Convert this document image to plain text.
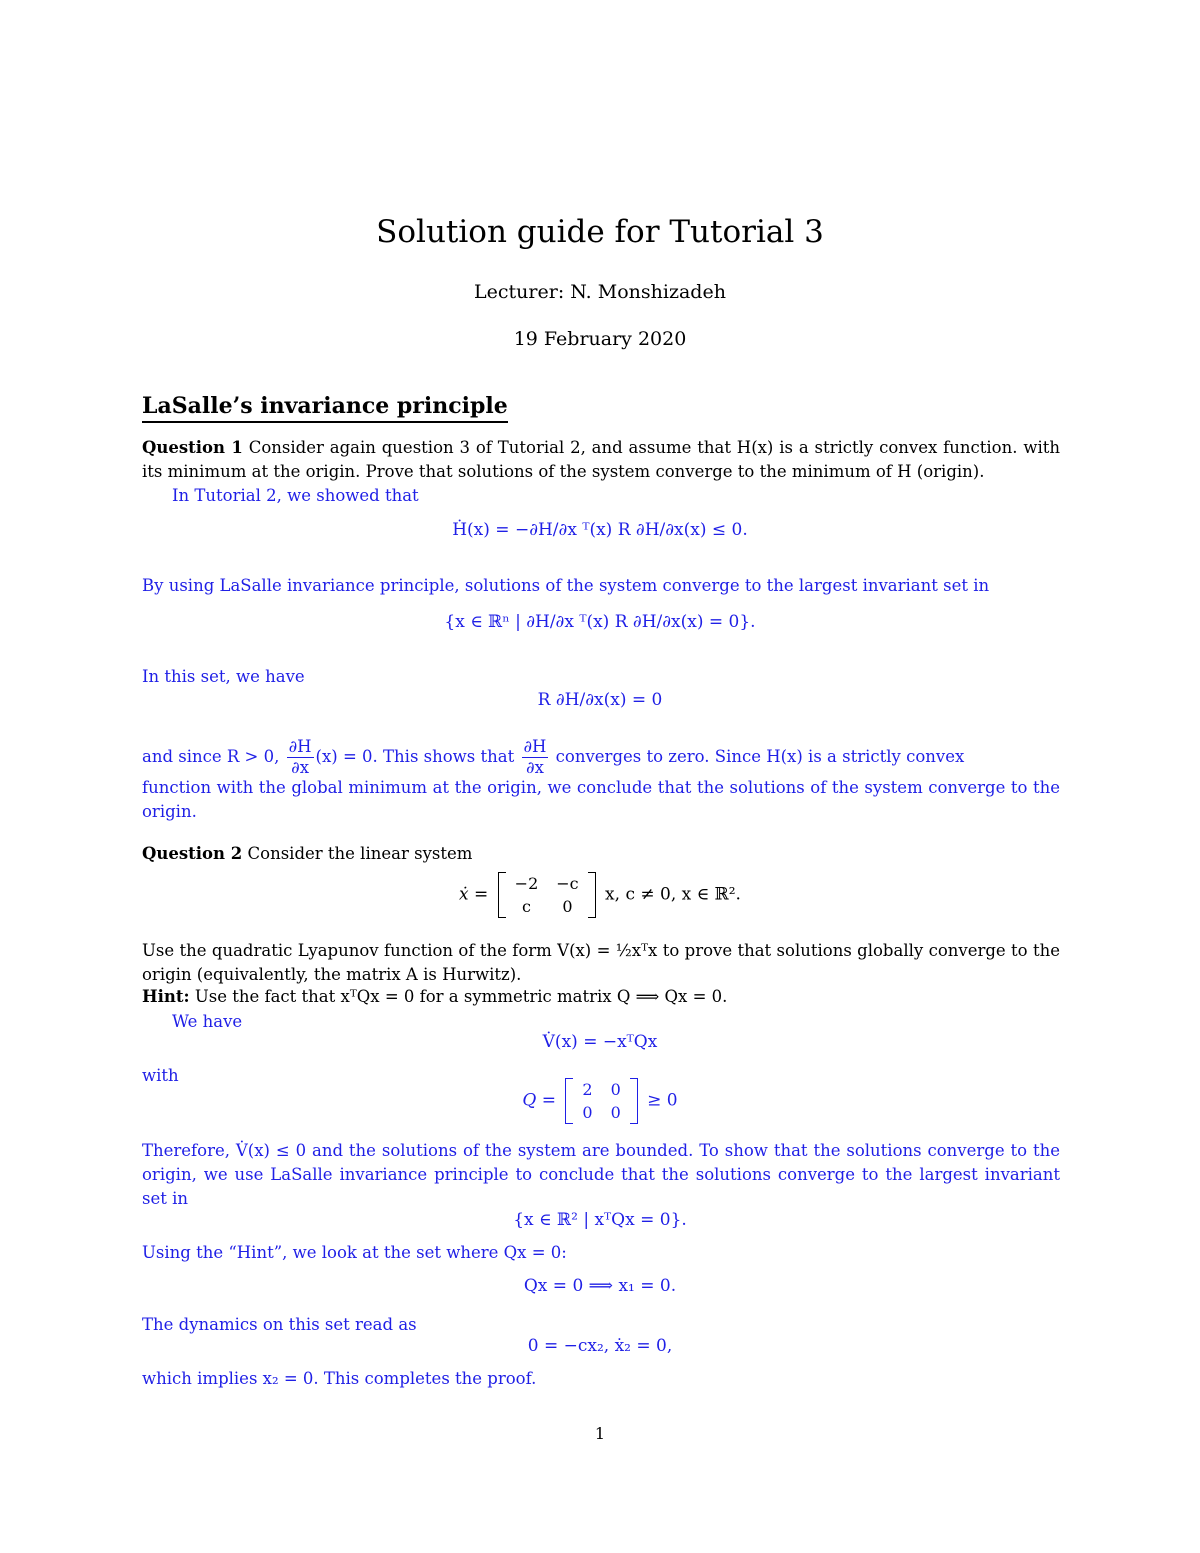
Solution guide for Tutorial 3
Lecturer: N. Monshizadeh
19 February 2020
LaSalle’s invariance principle
Question 1 Consider again question 3 of Tutorial 2, and assume that H(x) is a strictly convex function. with its minimum at the origin. Prove that solutions of the system converge to the minimum of H (origin).
In Tutorial 2, we showed that
Ḣ(x) = −∂H/∂x ᵀ(x) R ∂H/∂x(x) ≤ 0.
By using LaSalle invariance principle, solutions of the system converge to the largest invariant set in
{x ∈ ℝⁿ | ∂H/∂x ᵀ(x) R ∂H/∂x(x) = 0}.
In this set, we have
R ∂H/∂x(x) = 0
and since R > 0, $\frac{\partial H}{\partial x} (x) = 0$. This shows that $\frac{\partial H}{\partial x}$ converges to zero. Since H(x) is a strictly convex
function with the global minimum at the origin, we conclude that the solutions of the system converge to the origin.
Question 2 Consider the linear system
ẋ =
−2	−c
c	0
x, c ≠ 0, x ∈ ℝ².
Use the quadratic Lyapunov function of the form V(x) = ½xᵀx to prove that solutions globally converge to the origin (equivalently, the matrix A is Hurwitz).
Hint: Use the fact that xᵀQx = 0 for a symmetric matrix Q ⟹ Qx = 0.
We have
V̇(x) = −xᵀQx
with
Q =
2	0
0	0
≥ 0
Therefore, V̇(x) ≤ 0 and the solutions of the system are bounded. To show that the solutions converge to the origin, we use LaSalle invariance principle to conclude that the solutions converge to the largest invariant set in
{x ∈ ℝ² | xᵀQx = 0}.
Using the “Hint”, we look at the set where Qx = 0:
Qx = 0 ⟹ x₁ = 0.
The dynamics on this set read as
0 = −cx₂, ẋ₂ = 0,
which implies x₂ = 0. This completes the proof.
1
